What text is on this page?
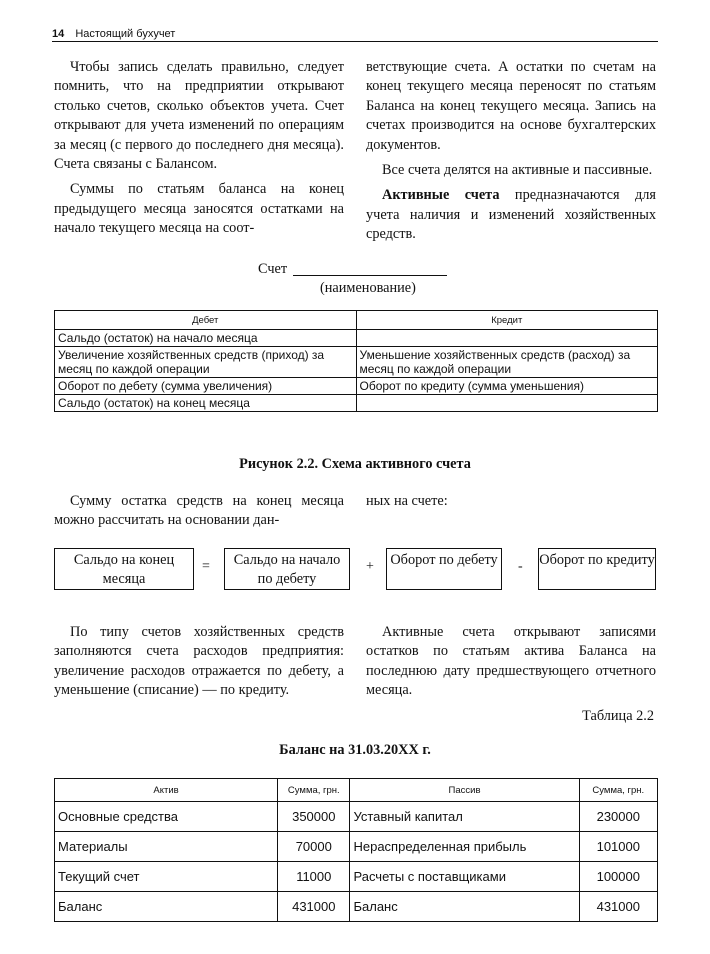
14 Настоящий бухучет

Чтобы запись сделать правильно, следует помнить, что на предприятии открывают столько счетов, сколько объектов учета. Счет открывают для учета изменений по операциям за месяц (с первого до последнего дня месяца). Счета связаны с Балансом.

Суммы по статьям баланса на конец предыдущего месяца заносятся остатками на начало текущего месяца на соот-

ветствующие счета. А остатки по счетам на конец текущего месяца переносят по статьям Баланса на конец текущего месяца. Запись на счетах производится на основе бухгалтерских документов.

Все счета делятся на активные и пассивные.

Активные счета предназначаются для учета наличия и изменений хозяйственных средств.

Счет
(наименование)
Дебет	Кредит
Сальдо (остаток) на начало месяца	
Увеличение хозяйственных средств (приход) за месяц по каждой операции	Уменьшение хозяйственных средств (расход) за месяц по каждой операции
Оборот по дебету (сумма увеличения)	Оборот по кредиту (сумма уменьшения)
Сальдо (остаток) на конец месяца	
Рисунок 2.2. Схема активного счета
Сумму остатка средств на конец месяца можно рассчитать на основании дан-
ных на счете:
Сальдо на конец месяца
=	Сальдо на начало по дебету
+	Оборот по дебету	- Оборот по кредиту

По типу счетов хозяйственных средств заполняются счета расходов предприятия: увеличение расходов отражается по дебету, а уменьшение (списание) — по кредиту.

Активные счета открывают записями остатков по статьям актива Баланса на последнюю дату предшествующего отчетного месяца.

Таблица 2.2
Баланс на 31.03.20XX г.
Актив	Сумма, грн.	Пассив	Сумма, грн.
Основные средства	350000	Уставный капитал	230000
Материалы	70000	Нераспределенная прибыль	101000
Текущий счет	11000	Расчеты с поставщиками	100000
Баланс	431000	Баланс	431000
